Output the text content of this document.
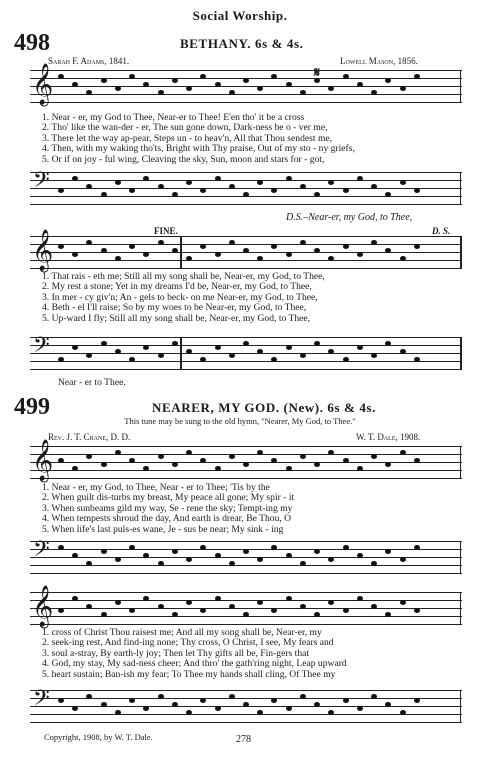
Social Worship.
498	BETHANY. 6s & 4s.
Sarah F. Adams, 1841.	Lowell Mason, 1856.
𝄞	𝄋
1. Near - er, my God to Thee, Near-er to Thee! E'en tho' it be a cross
2. Tho' like the wan-der - er, The sun gone down, Dark-ness be o - ver me,
3. There let the way ap-pear, Steps un - to heav'n, All that Thou sendest me,
4. Then, with my waking tho'ts, Bright with Thy praise, Out of my sto - ny griefs,
5. Or if on joy - ful wing, Cleaving the sky, Sun, moon and stars for - got,
𝄢
D.S.–Near-er, my God, to Thee,
FINE.	D. S.
𝄞
1. That rais - eth me; Still all my song shall be, Near-er, my God, to Thee,
2. My rest a stone; Yet in my dreams I'd be, Near-er, my God, to Thee,
3. In mer - cy giv'n; An - gels to beck- on me Near-er, my God, to Thee,
4. Beth - el I'll raise; So by my woes to be Near-er, my God, to Thee,
5. Up-ward I fly; Still all my song shall be, Near-er, my God, to Thee,
𝄢
Near - er to Thee.
499	NEARER, MY GOD. (New). 6s & 4s.
This tune may be sung to the old hymn, "Nearer, My God, to Thee."
Rev. J. T. Crane, D. D.	W. T. Dale, 1908.
𝄞
1. Near - er, my God, to Thee, Near - er to Thee; 'Tis by the
2. When guilt dis-turbs my breast, My peace all gone; My spir - it
3. When sunbeams gild my way, Se - rene the sky; Tempt-ing my
4. When tempests shroud the day, And earth is drear, Be Thou, O
5. When life's last puls-es wane, Je - sus be near; My sink - ing
𝄢
𝄞
1. cross of Christ Thou raisest me; And all my song shall be, Near-er, my
2. seek-ing rest, And find-ing none; Thy cross, O Christ, I see, My fears and
3. soul a-stray, By earth-ly joy; Then let Thy gifts all be, Fin-gers that
4. God, my stay, My sad-ness cheer; And thro' the gath'ring night, Leap upward
5. heart sustain; Ban-ish my fear; To Thee my hands shall cling, Of Thee my
𝄢
Copyright, 1908, by W. T. Dale.	278
